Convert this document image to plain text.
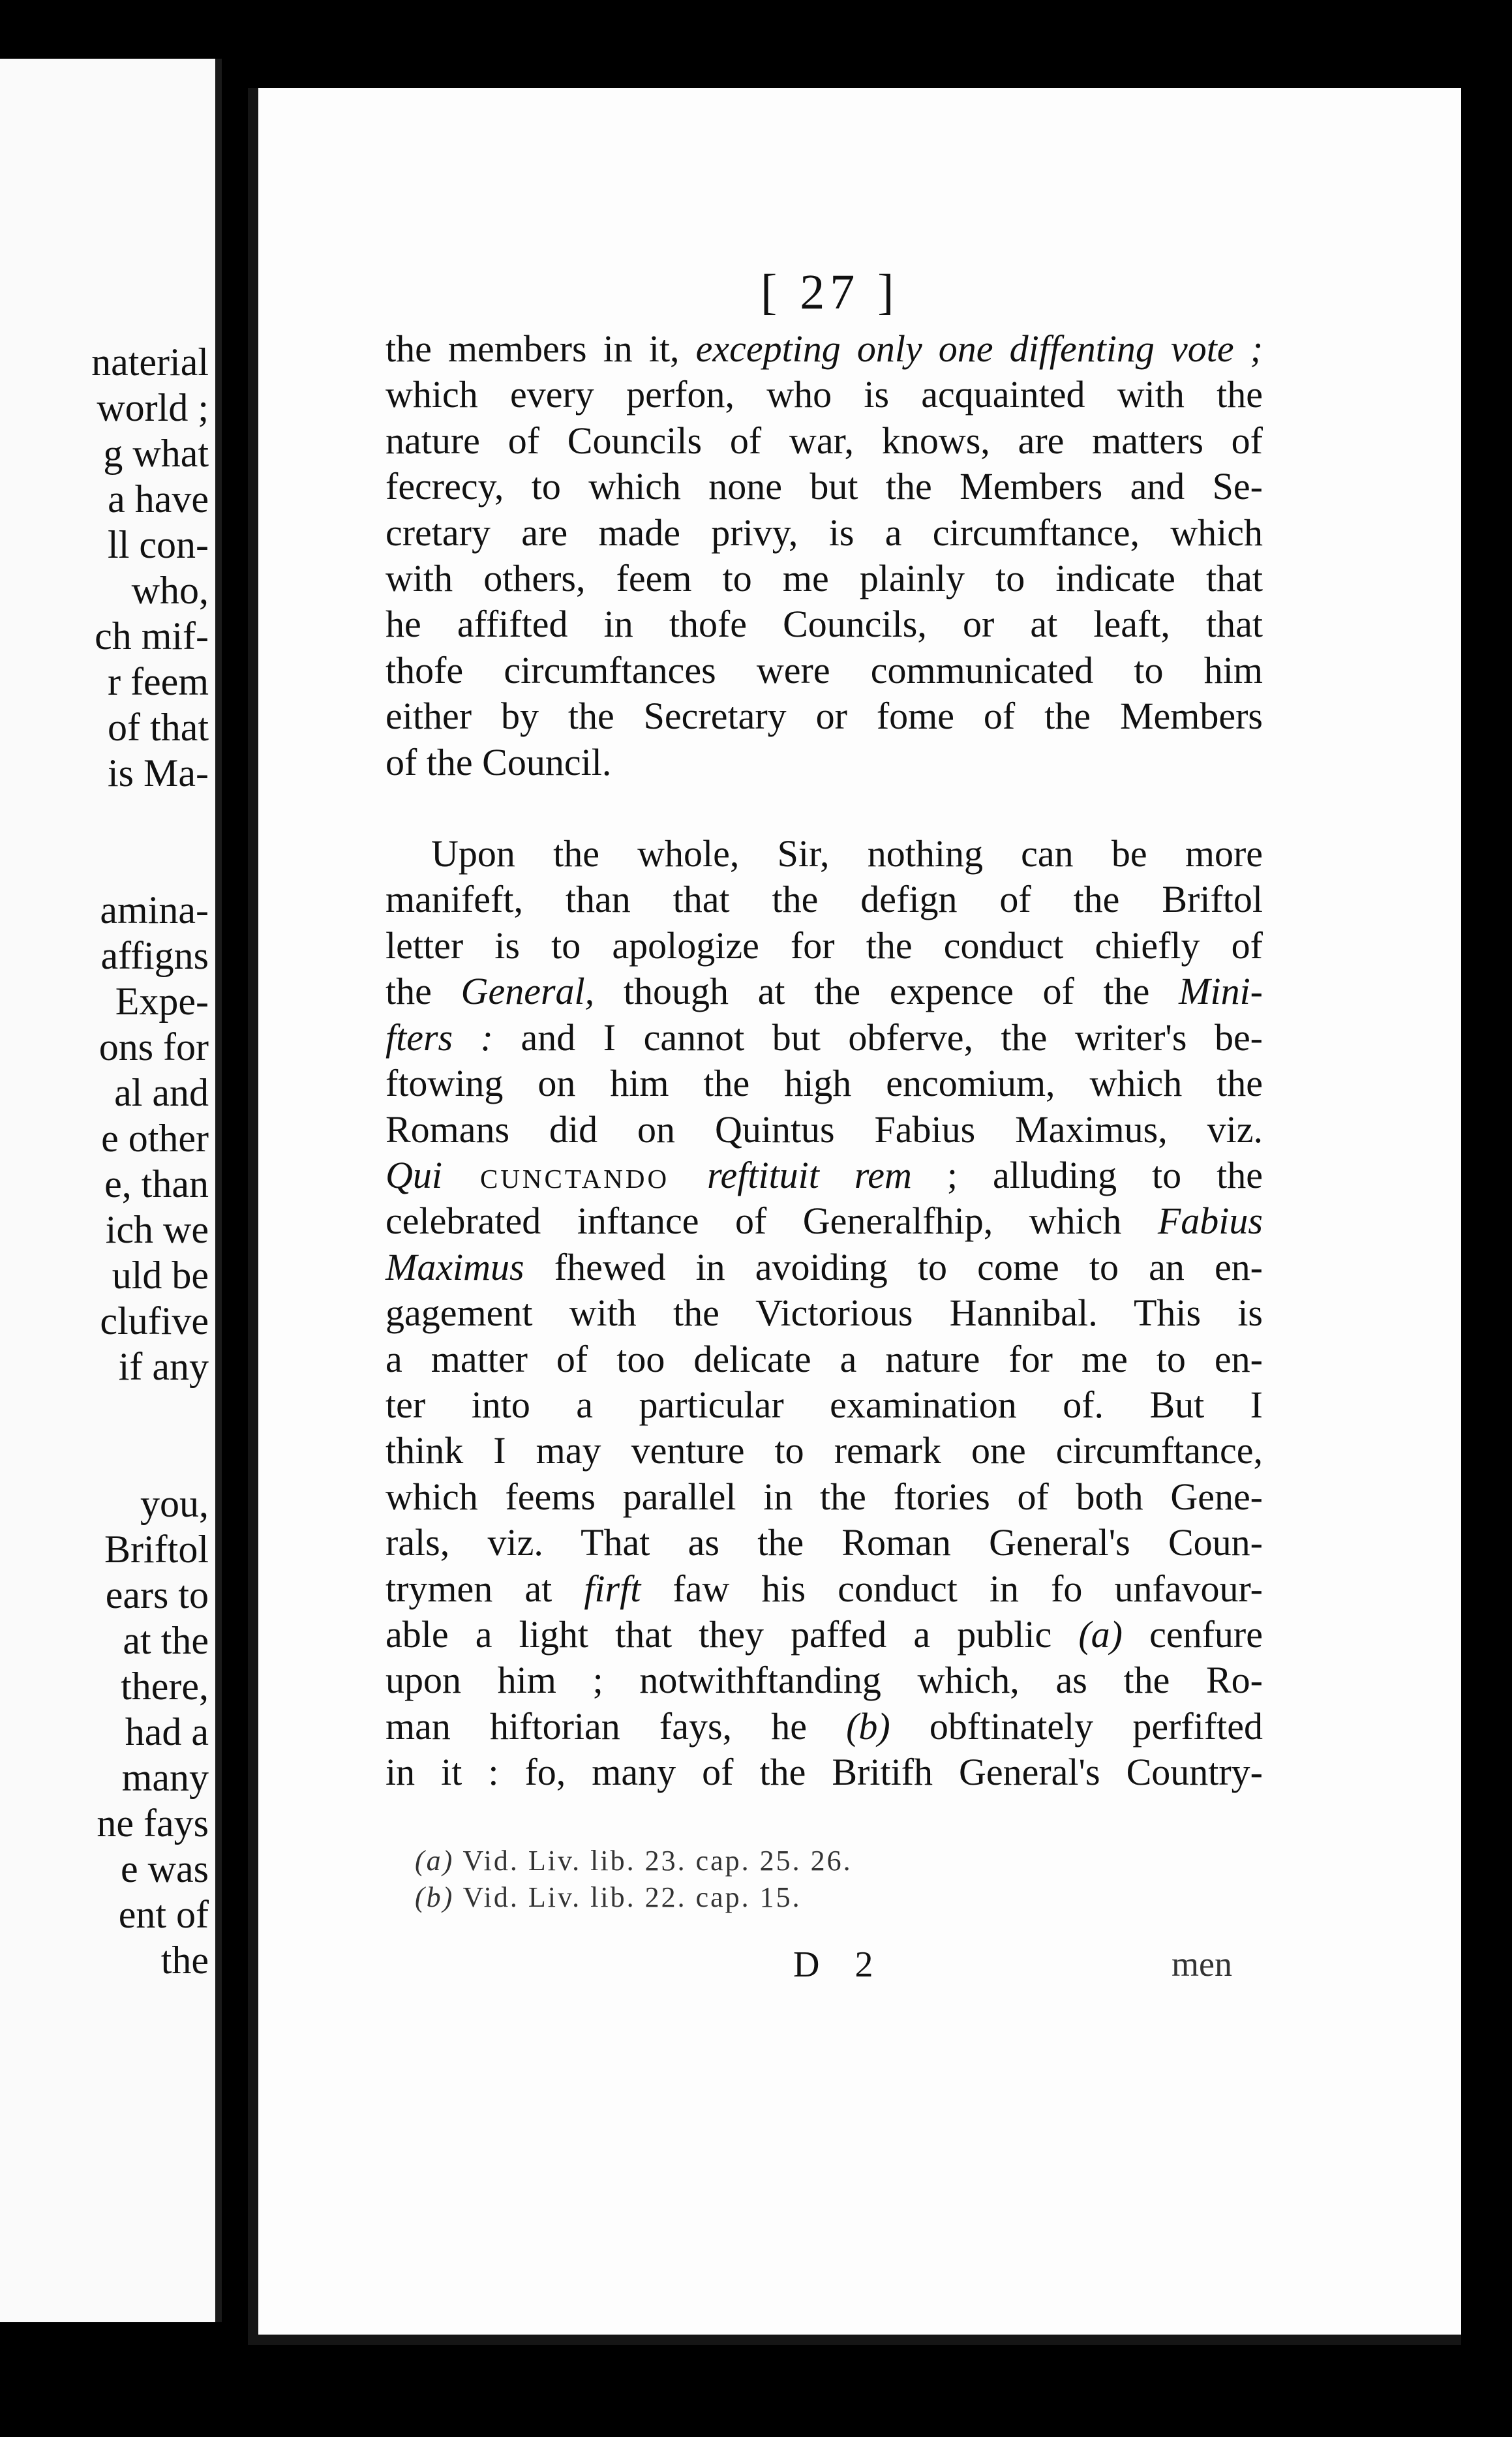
naterial
world ;
g what
a have
ll con-
who,
ch mif-
r feem
of that
is Ma-
amina-
affigns
Expe-
ons for
al and
e other
e, than
ich we
uld be
clufive
if any
you,
Briftol
ears to
at the
there,
had a
many
ne fays
e was
ent of
the
[ 27 ]
the members in it, excepting only one diffenting vote ;
which every perfon, who is acquainted with the
nature of Councils of war, knows, are matters of
fecrecy, to which none but the Members and Se-
cretary are made privy, is a circumftance, which
with others, feem to me plainly to indicate that
he affifted in thofe Councils, or at leaft, that
thofe circumftances were communicated to him
either by the Secretary or fome of the Members
of the Council.
Upon the whole, Sir, nothing can be more
manifeft, than that the defign of the Briftol
letter is to apologize for the conduct chiefly of
the General, though at the expence of the Mini-
fters : and I cannot but obferve, the writer's be-
ftowing on him the high encomium, which the
Romans did on Quintus Fabius Maximus, viz.
Qui cunctando reftituit rem ; alluding to the
celebrated inftance of Generalfhip, which Fabius
Maximus fhewed in avoiding to come to an en-
gagement with the Victorious Hannibal. This is
a matter of too delicate a nature for me to en-
ter into a particular examination of. But I
think I may venture to remark one circumftance,
which feems parallel in the ftories of both Gene-
rals, viz. That as the Roman General's Coun-
trymen at firft faw his conduct in fo unfavour-
able a light that they paffed a public (a) cenfure
upon him ; notwithftanding which, as the Ro-
man hiftorian fays, he (b) obftinately perfifted
in it : fo, many of the Britifh General's Country-
(a) Vid. Liv. lib. 23. cap. 25. 26.
(b) Vid. Liv. lib. 22. cap. 15.
D 2	men
